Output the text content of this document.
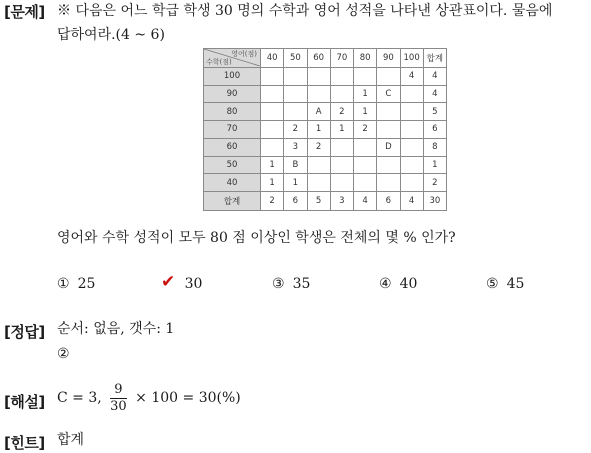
[문제] ※ 다음은 어느 학급 학생 30 명의 수학과 영어 성적을 나타낸 상관표이다. 물음에
답하여라.(4 ~ 6)
영어(점)
수학(점)	40	50	60	70	80	90	100	합계
100							4	4
90					1	C		4
80			A	2	1			5
70		2	1	1	2			6
60		3	2			D		8
50	1	B						1
40	1	1						2
합계	2	6	5	3	4	6	4	30
영어와 수학 성적이 모두 80 점 이상인 학생은 전체의 몇 % 인가?
① 25	✔ 30	③ 35	④ 40	⑤ 45
[정답] 순서: 없음, 갯수: 1
②
[해설] C = 3, $\frac{9}{30} \times 100 = 30(\%)$
[힌트] 합계
